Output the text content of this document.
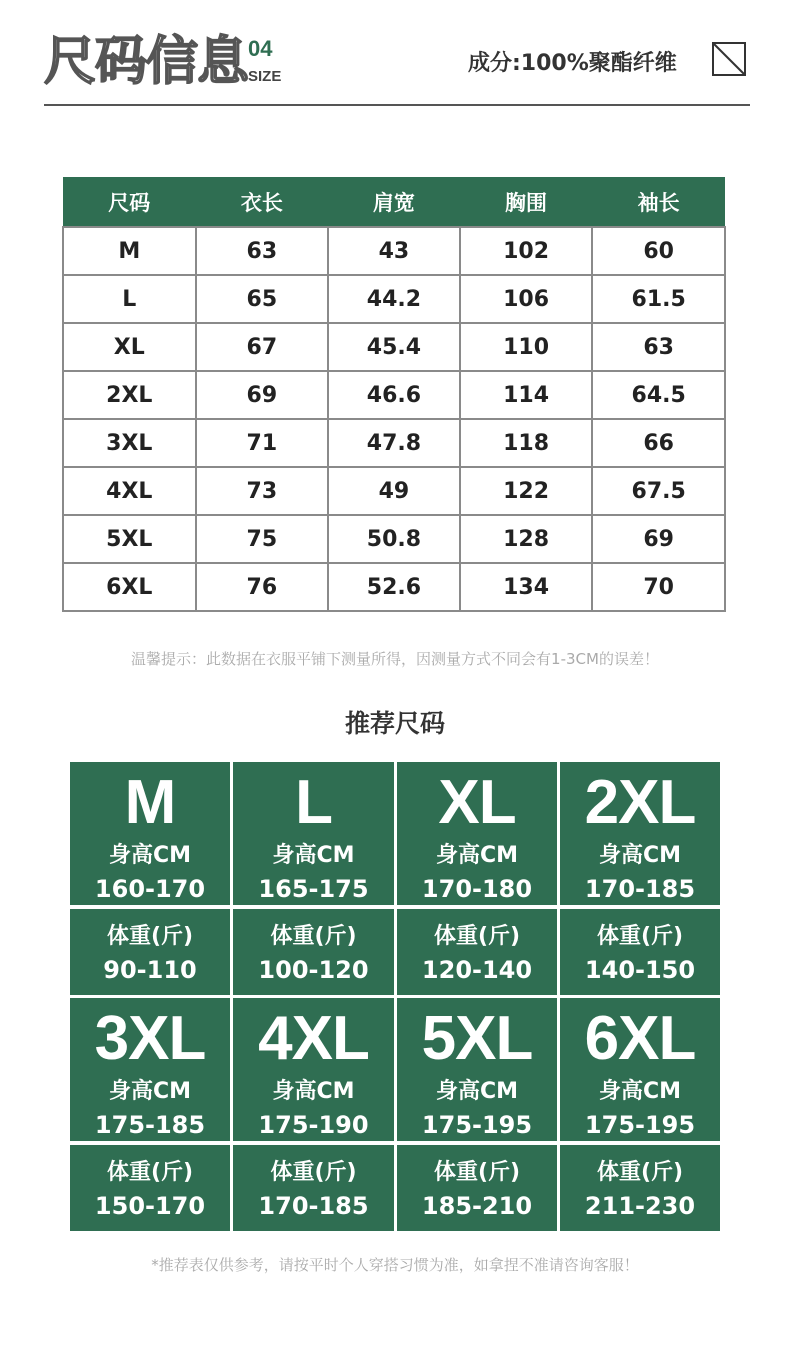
尺码信息 04
SIZE
成分:100%聚酯纤维
尺码	衣长	肩宽	胸围	袖长
M	63	43	102	60
L	65	44.2	106	61.5
XL	67	45.4	110	63
2XL	69	46.6	114	64.5
3XL	71	47.8	118	66
4XL	73	49	122	67.5
5XL	75	50.8	128	69
6XL	76	52.6	134	70
温馨提示：此数据在衣服平铺下测量所得，因测量方式不同会有1-3CM的误差！
推荐尺码
M
身高CM
160-170
体重(斤)
90-110
L
身高CM
165-175
体重(斤)
100-120
XL
身高CM
170-180
体重(斤)
120-140
2XL
身高CM
170-185
体重(斤)
140-150
3XL
身高CM
175-185
体重(斤)
150-170
4XL
身高CM
175-190
体重(斤)
170-185
5XL
身高CM
175-195
体重(斤)
185-210
6XL
身高CM
175-195
体重(斤)
211-230
*推荐表仅供参考，请按平时个人穿搭习惯为准，如拿捏不准请咨询客服！
